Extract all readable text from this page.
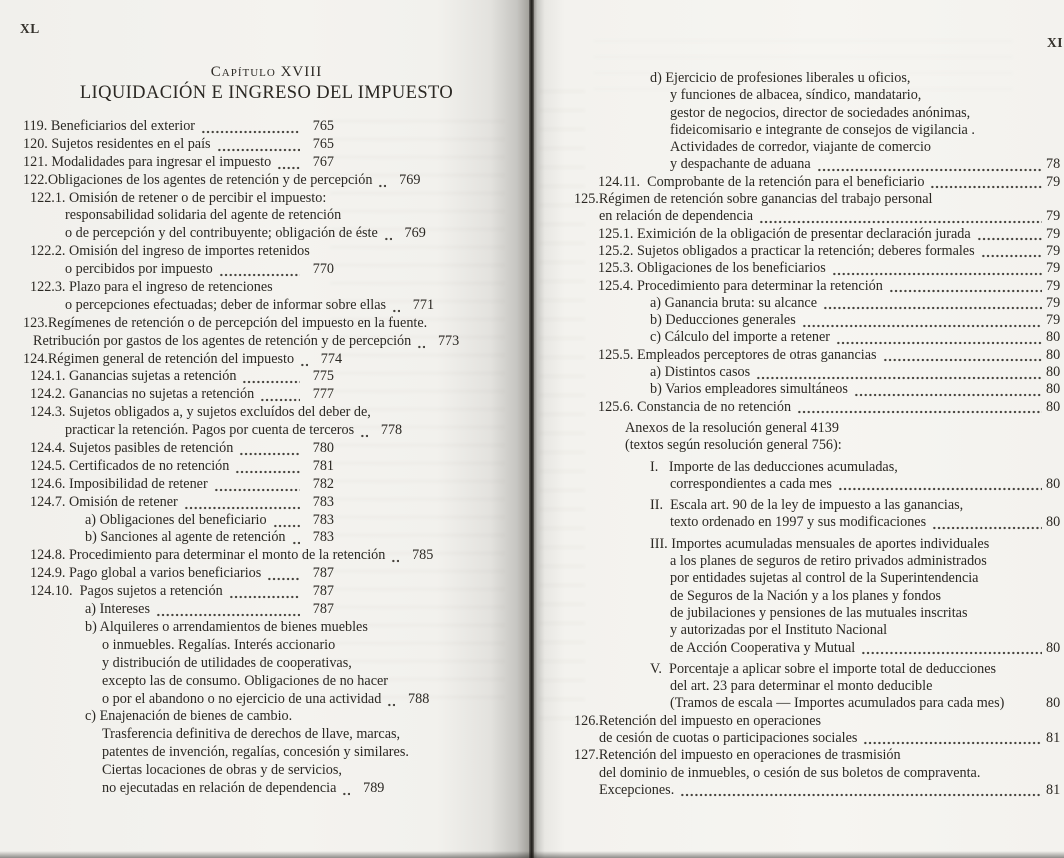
XL
Capítulo XVIII
LIQUIDACIÓN E INGRESO DEL IMPUESTO
119. Beneficiarios del exterior	765
120. Sujetos residentes en el país	765
121. Modalidades para ingresar el impuesto	767
122.Obligaciones de los agentes de retención y de percepción	769
122.1. Omisión de retener o de percibir el impuesto:
responsabilidad solidaria del agente de retención
o de percepción y del contribuyente; obligación de éste	769
122.2. Omisión del ingreso de importes retenidos
o percibidos por impuesto	770
122.3. Plazo para el ingreso de retenciones
o percepciones efectuadas; deber de informar sobre ellas	771
123.Regímenes de retención o de percepción del impuesto en la fuente.
Retribución por gastos de los agentes de retención y de percepción	773
124.Régimen general de retención del impuesto	774
124.1. Ganancias sujetas a retención	775
124.2. Ganancias no sujetas a retención	777
124.3. Sujetos obligados a, y sujetos excluídos del deber de,
practicar la retención. Pagos por cuenta de terceros	778
124.4. Sujetos pasibles de retención	780
124.5. Certificados de no retención	781
124.6. Imposibilidad de retener	782
124.7. Omisión de retener	783
a) Obligaciones del beneficiario	783
b) Sanciones al agente de retención	783
124.8. Procedimiento para determinar el monto de la retención	785
124.9. Pago global a varios beneficiarios	787
124.10.  Pagos sujetos a retención	787
a) Intereses	787
b) Alquileres o arrendamientos de bienes muebles
o inmuebles. Regalías. Interés accionario
y distribución de utilidades de cooperativas,
excepto las de consumo. Obligaciones de no hacer
o por el abandono o no ejercicio de una actividad	788
c) Enajenación de bienes de cambio.
Trasferencia definitiva de derechos de llave, marcas,
patentes de invención, regalías, concesión y similares.
Ciertas locaciones de obras y de servicios,
no ejecutadas en relación de dependencia	789
d) Ejercicio de profesiones liberales u oficios,
y funciones de albacea, síndico, mandatario,
gestor de negocios, director de sociedades anónimas,
fideicomisario e integrante de consejos de vigilancia .
Actividades de corredor, viajante de comercio
y despachante de aduana	78
124.11.  Comprobante de la retención para el beneficiario	79
125.Régimen de retención sobre ganancias del trabajo personal
en relación de dependencia	79
125.1. Eximición de la obligación de presentar declaración jurada	79
125.2. Sujetos obligados a practicar la retención; deberes formales	79
125.3. Obligaciones de los beneficiarios	79
125.4. Procedimiento para determinar la retención	79
a) Ganancia bruta: su alcance	79
b) Deducciones generales	79
c) Cálculo del importe a retener	80
125.5. Empleados perceptores de otras ganancias	80
a) Distintos casos	80
b) Varios empleadores simultáneos	80
125.6. Constancia de no retención	80
Anexos de la resolución general 4139
(textos según resolución general 756):
I.   Importe de las deducciones acumuladas,
correspondientes a cada mes	80
II.  Escala art. 90 de la ley de impuesto a las ganancias,
texto ordenado en 1997 y sus modificaciones	80
III. Importes acumuladas mensuales de aportes individuales
a los planes de seguros de retiro privados administrados
por entidades sujetas al control de la Superintendencia
de Seguros de la Nación y a los planes y fondos
de jubilaciones y pensiones de las mutuales inscritas
y autorizadas por el Instituto Nacional
de Acción Cooperativa y Mutual	80
V.  Porcentaje a aplicar sobre el importe total de deducciones
del art. 23 para determinar el monto deducible
(Tramos de escala — Importes acumulados para cada mes)	80
126.Retención del impuesto en operaciones
de cesión de cuotas o participaciones sociales	81
127.Retención del impuesto en operaciones de trasmisión
del dominio de inmuebles, o cesión de sus boletos de compraventa.
Excepciones.	81
XI
